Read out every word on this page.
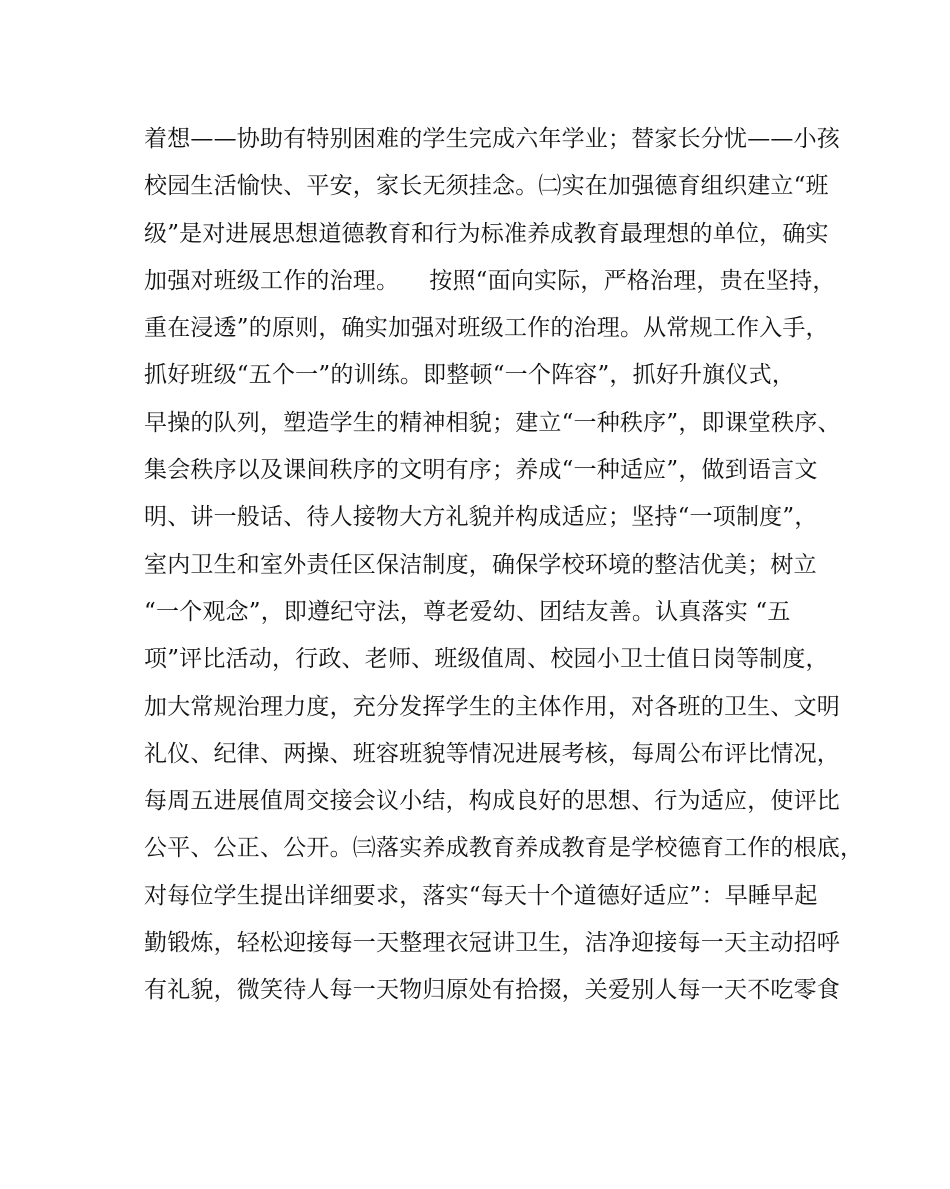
着想——协助有特别困难的学生完成六年学业；替家长分忧——小孩
校园生活愉快、平安，家长无须挂念。㈡实在加强德育组织建立“班
级”是对进展思想道德教育和行为标准养成教育最理想的单位，确实
加强对班级工作的治理。    按照“面向实际，严格治理，贵在坚持，
重在浸透”的原则，确实加强对班级工作的治理。从常规工作入手，
抓好班级“五个一”的训练。即整顿“一个阵容”，抓好升旗仪式，
早操的队列，塑造学生的精神相貌；建立“一种秩序”，即课堂秩序、
集会秩序以及课间秩序的文明有序；养成“一种适应”，做到语言文
明、讲一般话、待人接物大方礼貌并构成适应；坚持“一项制度”，
室内卫生和室外责任区保洁制度，确保学校环境的整洁优美；树立
“一个观念”，即遵纪守法，尊老爱幼、团结友善。认真落实 “五
项”评比活动，行政、老师、班级值周、校园小卫士值日岗等制度，
加大常规治理力度，充分发挥学生的主体作用，对各班的卫生、文明
礼仪、纪律、两操、班容班貌等情况进展考核，每周公布评比情况，
每周五进展值周交接会议小结，构成良好的思想、行为适应，使评比
公平、公正、公开。㈢落实养成教育养成教育是学校德育工作的根底，
对每位学生提出详细要求，落实“每天十个道德好适应”：早睡早起
勤锻炼，轻松迎接每一天整理衣冠讲卫生，洁净迎接每一天主动招呼
有礼貌，微笑待人每一天物归原处有拾掇，关爱别人每一天不吃零食
